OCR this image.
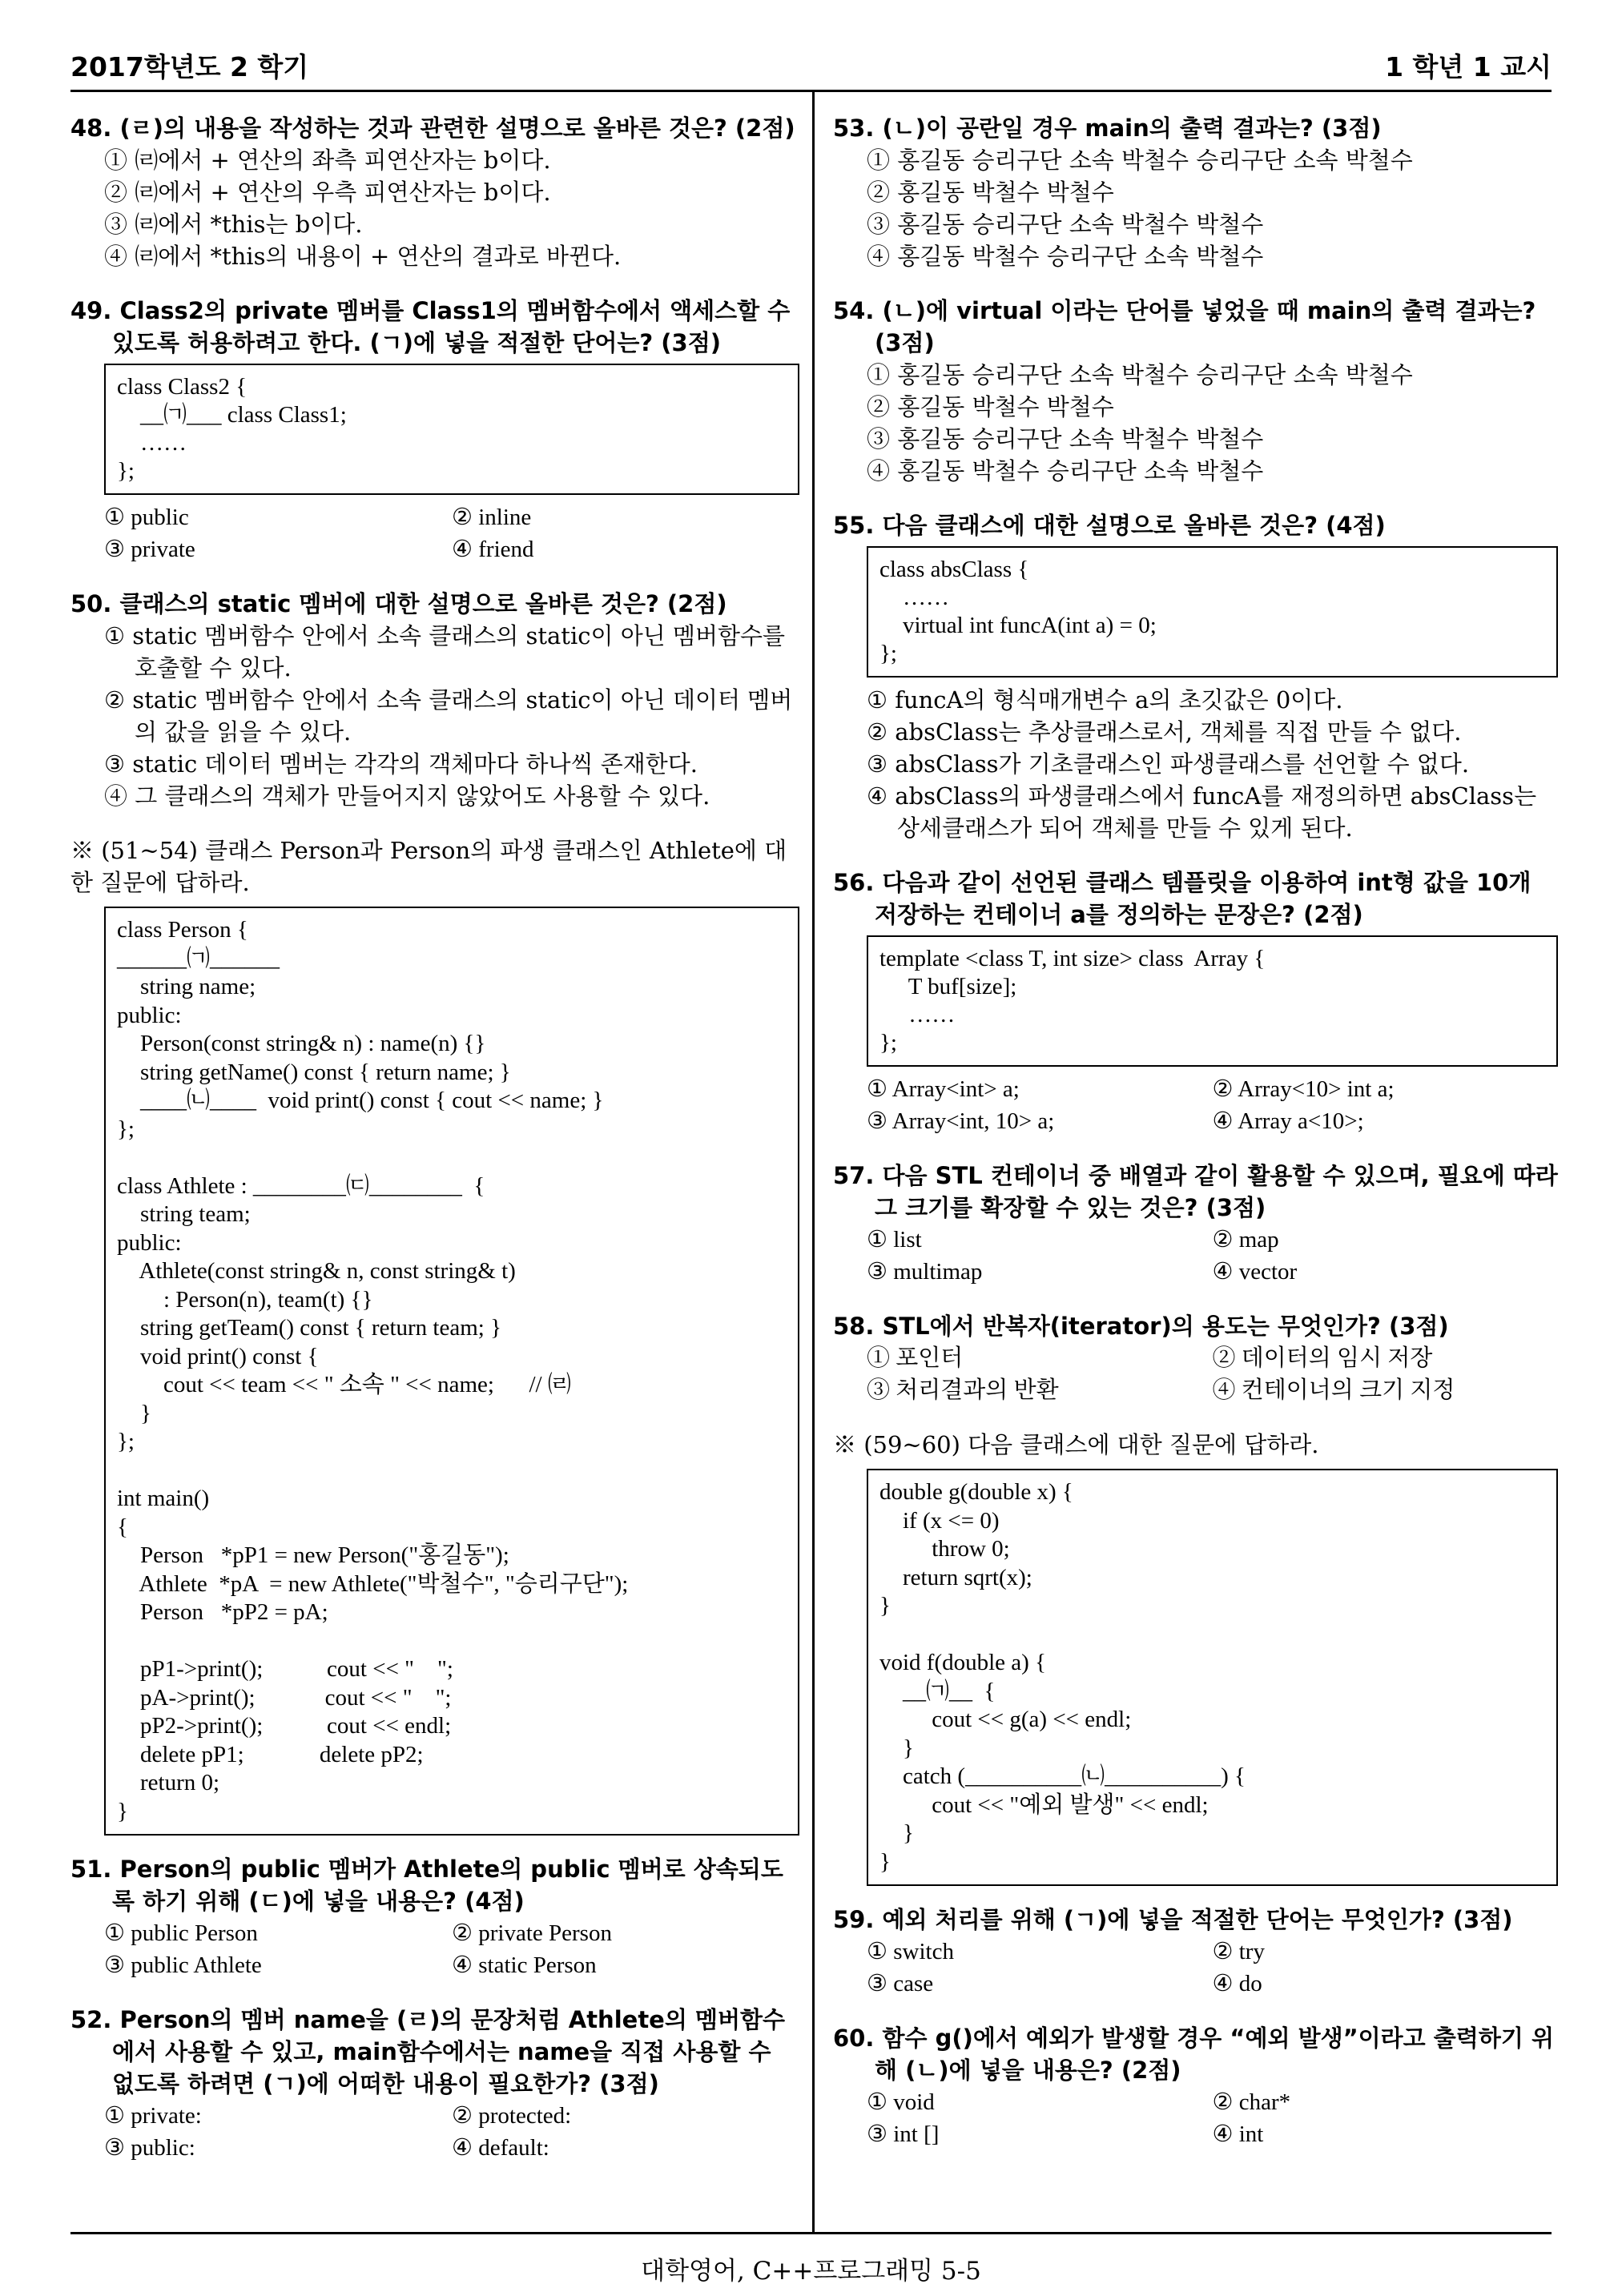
2017학년도 2 학기	1 학년 1 교시
48. (ㄹ)의 내용을 작성하는 것과 관련한 설명으로 올바른 것은? (2점)
① ㈃에서 + 연산의 좌측 피연산자는 b이다.
② ㈃에서 + 연산의 우측 피연산자는 b이다.
③ ㈃에서 *this는 b이다.
④ ㈃에서 *this의 내용이 + 연산의 결과로 바뀐다.
49. Class2의 private 멤버를 Class1의 멤버함수에서 액세스할 수 있도록 허용하려고 한다. (ㄱ)에 넣을 적절한 단어는? (3점)
class Class2 {
__㈀___ class Class1;
……
};
① public	② inline
③ private	④ friend
50. 클래스의 static 멤버에 대한 설명으로 올바른 것은? (2점)
① static 멤버함수 안에서 소속 클래스의 static이 아닌 멤버함수를 호출할 수 있다.
② static 멤버함수 안에서 소속 클래스의 static이 아닌 데이터 멤버의 값을 읽을 수 있다.
③ static 데이터 멤버는 각각의 객체마다 하나씩 존재한다.
④ 그 클래스의 객체가 만들어지지 않았어도 사용할 수 있다.
※ (51~54) 클래스 Person과 Person의 파생 클래스인 Athlete에 대한 질문에 답하라.
class Person {
______㈀______
string name;
public:
Person(const string& n) : name(n) {}
string getName() const { return name; }
____㈁____  void print() const { cout << name; }
};

class Athlete : ________㈂________  {
string team;
public:
Athlete(const string& n, const string& t)
: Person(n), team(t) {}
string getTeam() const { return team; }
void print() const {
cout << team << " 소속 " << name;      // ㈃
}
};

int main()
{
Person   *pP1 = new Person("홍길동");
Athlete  *pA  = new Athlete("박철수", "승리구단");
Person   *pP2 = pA;

pP1->print();           cout << "    ";
pA->print();            cout << "    ";
pP2->print();           cout << endl;
delete pP1;             delete pP2;
return 0;
}
51. Person의 public 멤버가 Athlete의 public 멤버로 상속되도록 하기 위해 (ㄷ)에 넣을 내용은? (4점)
① public Person	② private Person
③ public Athlete	④ static Person
52. Person의 멤버 name을 (ㄹ)의 문장처럼 Athlete의 멤버함수에서 사용할 수 있고, main함수에서는 name을 직접 사용할 수 없도록 하려면 (ㄱ)에 어떠한 내용이 필요한가? (3점)
① private:	② protected:
③ public:	④ default:
53. (ㄴ)이 공란일 경우 main의 출력 결과는? (3점)
① 홍길동 승리구단 소속 박철수 승리구단 소속 박철수
② 홍길동 박철수 박철수
③ 홍길동 승리구단 소속 박철수 박철수
④ 홍길동 박철수 승리구단 소속 박철수
54. (ㄴ)에 virtual 이라는 단어를 넣었을 때 main의 출력 결과는? (3점)
① 홍길동 승리구단 소속 박철수 승리구단 소속 박철수
② 홍길동 박철수 박철수
③ 홍길동 승리구단 소속 박철수 박철수
④ 홍길동 박철수 승리구단 소속 박철수
55. 다음 클래스에 대한 설명으로 올바른 것은? (4점)
class absClass {
……
virtual int funcA(int a) = 0;
};
① funcA의 형식매개변수 a의 초깃값은 0이다.
② absClass는 추상클래스로서, 객체를 직접 만들 수 없다.
③ absClass가 기초클래스인 파생클래스를 선언할 수 없다.
④ absClass의 파생클래스에서 funcA를 재정의하면 absClass는 상세클래스가 되어 객체를 만들 수 있게 된다.
56. 다음과 같이 선언된 클래스 템플릿을 이용하여 int형 값을 10개 저장하는 컨테이너 a를 정의하는 문장은? (2점)
template <class T, int size> class  Array {
T buf[size];
……
};
① Array<int> a;	② Array<10> int a;
③ Array<int, 10> a;	④ Array a<10>;
57. 다음 STL 컨테이너 중 배열과 같이 활용할 수 있으며, 필요에 따라 그 크기를 확장할 수 있는 것은? (3점)
① list	② map
③ multimap	④ vector
58. STL에서 반복자(iterator)의 용도는 무엇인가? (3점)
① 포인터	② 데이터의 임시 저장
③ 처리결과의 반환	④ 컨테이너의 크기 지정
※ (59~60) 다음 클래스에 대한 질문에 답하라.
double g(double x) {
if (x <= 0)
throw 0;
return sqrt(x);
}

void f(double a) {
__㈀__  {
cout << g(a) << endl;
}
catch (__________㈁__________) {
cout << "예외 발생" << endl;
}
}
59. 예외 처리를 위해 (ㄱ)에 넣을 적절한 단어는 무엇인가? (3점)
① switch	② try
③ case	④ do
60. 함수 g()에서 예외가 발생할 경우 “예외 발생”이라고 출력하기 위해 (ㄴ)에 넣을 내용은? (2점)
① void	② char*
③ int []	④ int
대학영어, C++프로그래밍 5-5
